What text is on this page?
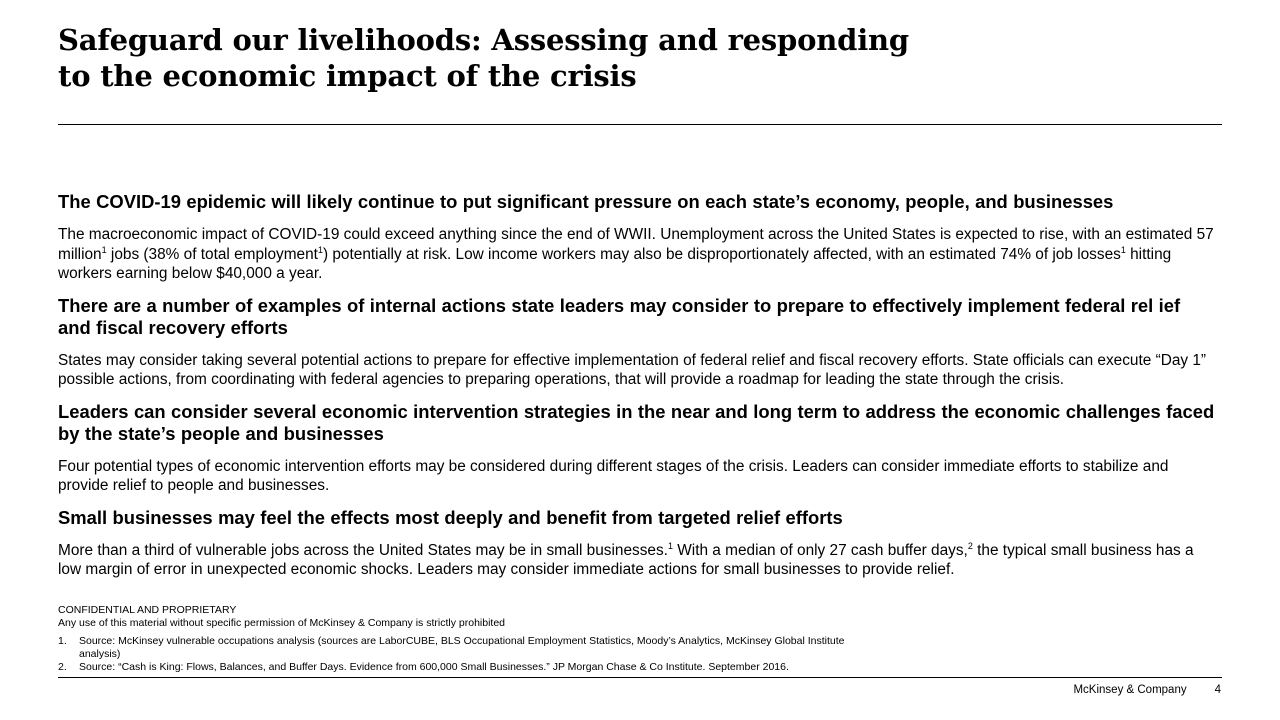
Safeguard our livelihoods: Assessing and responding
to the economic impact of the crisis
The COVID-19 epidemic will likely continue to put significant pressure on each state’s economy, people, and businesses

The macroeconomic impact of COVID-19 could exceed anything since the end of WWII. Unemployment across the United States is expected to rise, with an estimated 57 million$^1$ jobs (38% of total employment$^1$) potentially at risk. Low income workers may also be disproportionately affected, with an estimated 74% of job losses$^1$ hitting workers earning below $40,000 a year.

There are a number of examples of internal actions state leaders may consider to prepare to effectively implement federal rel ief and fiscal recovery efforts

States may consider taking several potential actions to prepare for effective implementation of federal relief and fiscal recovery efforts. State officials can execute “Day 1” possible actions, from coordinating with federal agencies to preparing operations, that will provide a roadmap for leading the state through the crisis.

Leaders can consider several economic intervention strategies in the near and long term to address the economic challenges faced by the state’s people and businesses

Four potential types of economic intervention efforts may be considered during different stages of the crisis. Leaders can consider immediate efforts to stabilize and provide relief to people and businesses.

Small businesses may feel the effects most deeply and benefit from targeted relief efforts

More than a third of vulnerable jobs across the United States may be in small businesses.$^1$ With a median of only 27 cash buffer days,$^2$ the typical small business has a low margin of error in unexpected economic shocks. Leaders may consider immediate actions for small businesses to provide relief.

CONFIDENTIAL AND PROPRIETARY
Any use of this material without specific permission of McKinsey & Company is strictly prohibited

1.	Source: McKinsey vulnerable occupations analysis (sources are LaborCUBE, BLS Occupational Employment Statistics, Moody’s Analytics, McKinsey Global Institute analysis)
2.	Source: “Cash is King: Flows, Balances, and Buffer Days. Evidence from 600,000 Small Businesses.” JP Morgan Chase & Co Institute. September 2016.
McKinsey & Company 4
